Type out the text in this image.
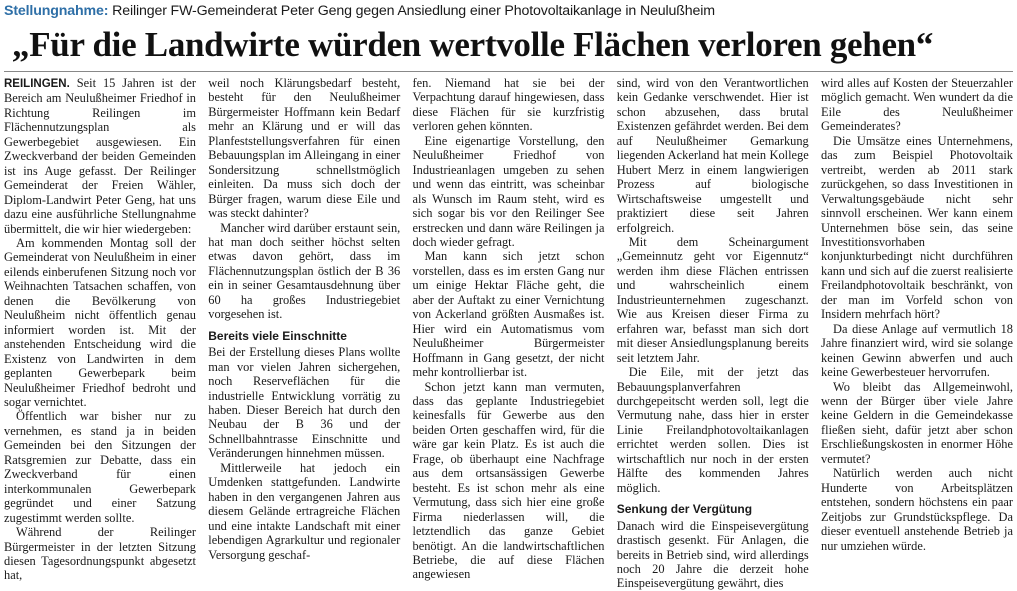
Stellungnahme: Reilinger FW-Gemeinderat Peter Geng gegen Ansiedlung einer Photovoltaikanlage in Neulußheim
„Für die Landwirte würden wertvolle Flächen verloren gehen“

REILINGEN. Seit 15 Jahren ist der Bereich am Neulußheimer Friedhof in Richtung Reilingen im Flächennutzungsplan als Gewerbegebiet ausgewiesen. Ein Zweckverband der beiden Gemeinden ist ins Auge gefasst. Der Reilinger Gemeinderat der Freien Wähler, Diplom-Landwirt Peter Geng, hat uns dazu eine ausführliche Stellungnahme übermittelt, die wir hier wiedergeben:

Am kommenden Montag soll der Gemeinderat von Neulußheim in einer eilends einberufenen Sitzung noch vor Weihnachten Tatsachen schaffen, von denen die Bevölkerung von Neulußheim nicht öffentlich genau informiert worden ist. Mit der anstehenden Entscheidung wird die Existenz von Landwirten in dem geplanten Gewerbepark beim Neulußheimer Friedhof bedroht und sogar vernichtet.

Öffentlich war bisher nur zu vernehmen, es stand ja in beiden Gemeinden bei den Sitzungen der Ratsgremien zur Debatte, dass ein Zweckverband für einen interkommunalen Gewerbepark gegründet und einer Satzung zugestimmt werden sollte.

Während der Reilinger Bürgermeister in der letzten Sitzung diesen Tagesordnungspunkt abgesetzt hat,

weil noch Klärungsbedarf besteht, besteht für den Neulußheimer Bürgermeister Hoffmann kein Bedarf mehr an Klärung und er will das Planfeststellungsverfahren für einen Bebauungsplan im Alleingang in einer Sondersitzung schnellstmöglich einleiten. Da muss sich doch der Bürger fragen, warum diese Eile und was steckt dahinter?

Mancher wird darüber erstaunt sein, hat man doch seither höchst selten etwas davon gehört, dass im Flächennutzungsplan östlich der B 36 ein in seiner Gesamtausdehnung über 60 ha großes Industriegebiet vorgesehen ist.

Bereits viele Einschnitte

Bei der Erstellung dieses Plans wollte man vor vielen Jahren sichergehen, noch Reserveflächen für die industrielle Entwicklung vorrätig zu haben. Dieser Bereich hat durch den Neubau der B 36 und der Schnellbahntrasse Einschnitte und Veränderungen hinnehmen müssen.

Mittlerweile hat jedoch ein Umdenken stattgefunden. Landwirte haben in den vergangenen Jahren aus diesem Gelände ertragreiche Flächen und eine intakte Landschaft mit einer lebendigen Agrarkultur und regionaler Versorgung geschaf-

fen. Niemand hat sie bei der Verpachtung darauf hingewiesen, dass diese Flächen für sie kurzfristig verloren gehen könnten.

Eine eigenartige Vorstellung, den Neulußheimer Friedhof von Industrieanlagen umgeben zu sehen und wenn das eintritt, was scheinbar als Wunsch im Raum steht, wird es sich sogar bis vor den Reilinger See erstrecken und dann wäre Reilingen ja doch wieder gefragt.

Man kann sich jetzt schon vorstellen, dass es im ersten Gang nur um einige Hektar Fläche geht, die aber der Auftakt zu einer Vernichtung von Ackerland größten Ausmaßes ist. Hier wird ein Automatismus vom Neulußheimer Bürgermeister Hoffmann in Gang gesetzt, der nicht mehr kontrollierbar ist.

Schon jetzt kann man vermuten, dass das geplante Industriegebiet keinesfalls für Gewerbe aus den beiden Orten geschaffen wird, für die wäre gar kein Platz. Es ist auch die Frage, ob überhaupt eine Nachfrage aus dem ortsansässigen Gewerbe besteht. Es ist schon mehr als eine Vermutung, dass sich hier eine große Firma niederlassen will, die letztendlich das ganze Gebiet benötigt. An die landwirtschaftlichen Betriebe, die auf diese Flächen angewiesen

sind, wird von den Verantwortlichen kein Gedanke verschwendet. Hier ist schon abzusehen, dass brutal Existenzen gefährdet werden. Bei dem auf Neulußheimer Gemarkung liegenden Ackerland hat mein Kollege Hubert Merz in einem langwierigen Prozess auf biologische Wirtschaftsweise umgestellt und praktiziert diese seit Jahren erfolgreich.

Mit dem Scheinargument „Gemeinnutz geht vor Eigennutz“ werden ihm diese Flächen entrissen und wahrscheinlich einem Industrieunternehmen zugeschanzt. Wie aus Kreisen dieser Firma zu erfahren war, befasst man sich dort mit dieser Ansiedlungsplanung bereits seit letztem Jahr.

Die Eile, mit der jetzt das Bebauungsplanverfahren durchgepeitscht werden soll, legt die Vermutung nahe, dass hier in erster Linie Freilandphotovoltaikanlagen errichtet werden sollen. Dies ist wirtschaftlich nur noch in der ersten Hälfte des kommenden Jahres möglich.

Senkung der Vergütung

Danach wird die Einspeisevergütung drastisch gesenkt. Für Anlagen, die bereits in Betrieb sind, wird allerdings noch 20 Jahre die derzeit hohe Einspeisevergütung gewährt, dies

wird alles auf Kosten der Steuerzahler möglich gemacht. Wen wundert da die Eile des Neulußheimer Gemeinderates?

Die Umsätze eines Unternehmens, das zum Beispiel Photovoltaik vertreibt, werden ab 2011 stark zurückgehen, so dass Investitionen in Verwaltungsgebäude nicht sehr sinnvoll erscheinen. Wer kann einem Unternehmen böse sein, das seine Investitionsvorhaben konjunkturbedingt nicht durchführen kann und sich auf die zuerst realisierte Freilandphotovoltaik beschränkt, von der man im Vorfeld schon von Insidern mehrfach hört?

Da diese Anlage auf vermutlich 18 Jahre finanziert wird, wird sie solange keinen Gewinn abwerfen und auch keine Gewerbesteuer hervorrufen.

Wo bleibt das Allgemeinwohl, wenn der Bürger über viele Jahre keine Geldern in die Gemeindekasse fließen sieht, dafür jetzt aber schon Erschließungskosten in enormer Höhe vermutet?

Natürlich werden auch nicht Hunderte von Arbeitsplätzen entstehen, sondern höchstens ein paar Zeitjobs zur Grundstückspflege. Da dieser eventuell anstehende Betrieb ja nur umziehen würde.
